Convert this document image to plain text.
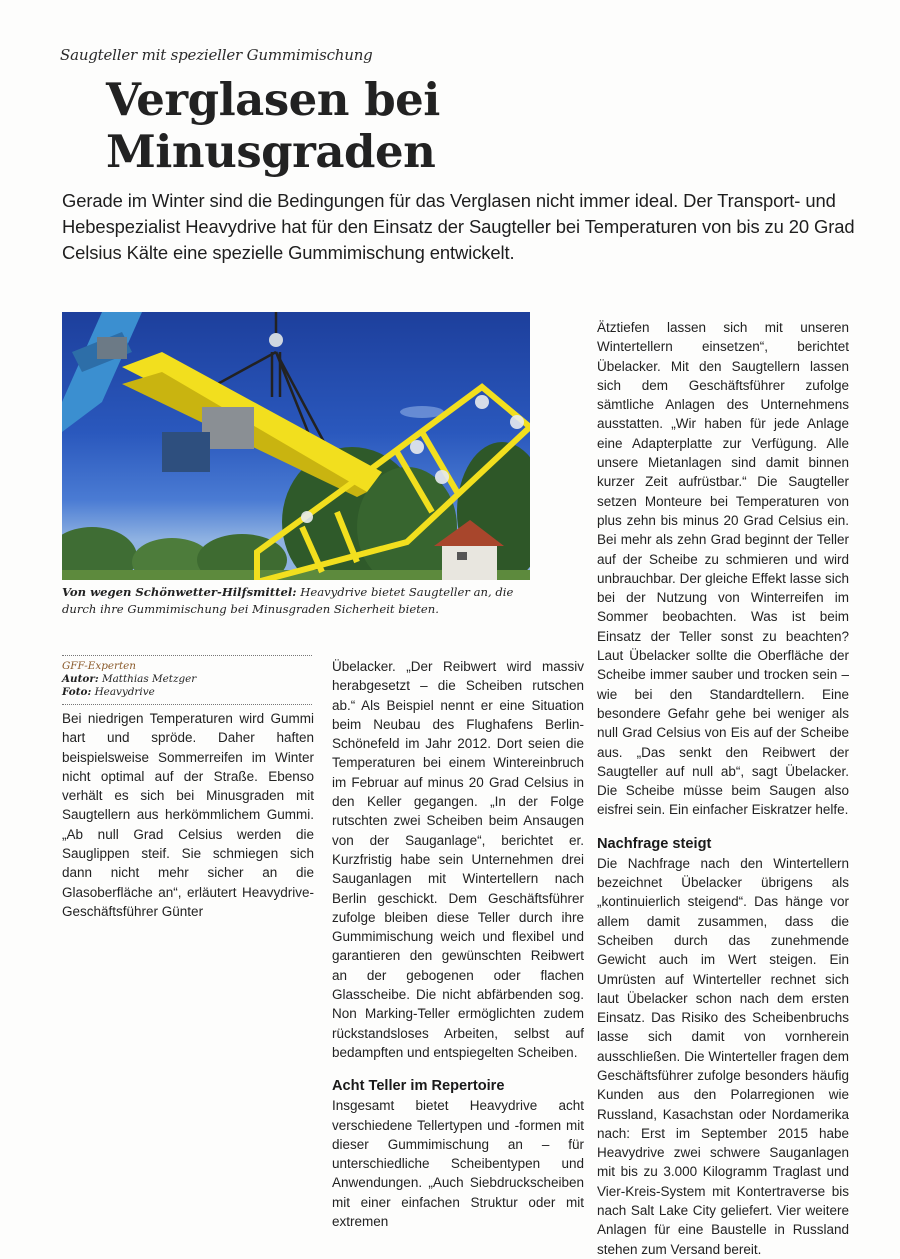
Saugteller mit spezieller Gummimischung
Verglasen bei
Minusgraden

Gerade im Winter sind die Bedingungen für das Verglasen nicht immer ideal. Der Transport- und Hebespezialist Heavydrive hat für den Einsatz der Saugteller bei Temperaturen von bis zu 20 Grad Celsius Kälte eine spezielle Gummimischung entwickelt.

Von wegen Schönwetter-Hilfsmittel: Heavydrive bietet Saugteller an, die durch ihre Gummimischung bei Minusgraden Sicherheit bieten.

GFF-Experten
Autor: Matthias Metzger
Foto: Heavydrive

Bei niedrigen Temperaturen wird Gummi hart und spröde. Daher haften beispielsweise Sommerreifen im Winter nicht optimal auf der Straße. Ebenso verhält es sich bei Minusgraden mit Saugtellern aus herkömmlichem Gummi. „Ab null Grad Celsius werden die Sauglippen steif. Sie schmiegen sich dann nicht mehr sicher an die Glasoberfläche an“, erläutert Heavydrive-Geschäftsführer Günter

Übelacker. „Der Reibwert wird massiv herabgesetzt – die Scheiben rutschen ab.“ Als Beispiel nennt er eine Situation beim Neubau des Flughafens Berlin-Schönefeld im Jahr 2012. Dort seien die Temperaturen bei einem Wintereinbruch im Februar auf minus 20 Grad Celsius in den Keller gegangen. „In der Folge rutschten zwei Scheiben beim Ansaugen von der Sauganlage“, berichtet er. Kurzfristig habe sein Unternehmen drei Sauganlagen mit Wintertellern nach Berlin geschickt. Dem Geschäftsführer zufolge bleiben diese Teller durch ihre Gummimischung weich und flexibel und garantieren den gewünschten Reibwert an der gebogenen oder flachen Glasscheibe. Die nicht abfärbenden sog. Non Marking-Teller ermöglichten zudem rückstandsloses Arbeiten, selbst auf bedampften und entspiegelten Scheiben.

Acht Teller im Repertoire

Insgesamt bietet Heavydrive acht verschiedene Tellertypen und -formen mit dieser Gummimischung an – für unterschiedliche Scheibentypen und Anwendungen. „Auch Siebdruckscheiben mit einer einfachen Struktur oder mit extremen

Ätztiefen lassen sich mit unseren Wintertellern einsetzen“, berichtet Übelacker. Mit den Saugtellern lassen sich dem Geschäftsführer zufolge sämtliche Anlagen des Unternehmens ausstatten. „Wir haben für jede Anlage eine Adapterplatte zur Verfügung. Alle unsere Mietanlagen sind damit binnen kurzer Zeit aufrüstbar.“ Die Saugteller setzen Monteure bei Temperaturen von plus zehn bis minus 20 Grad Celsius ein. Bei mehr als zehn Grad beginnt der Teller auf der Scheibe zu schmieren und wird unbrauchbar. Der gleiche Effekt lasse sich bei der Nutzung von Winterreifen im Sommer beobachten. Was ist beim Einsatz der Teller sonst zu beachten? Laut Übelacker sollte die Oberfläche der Scheibe immer sauber und trocken sein – wie bei den Standardtellern. Eine besondere Gefahr gehe bei weniger als null Grad Celsius von Eis auf der Scheibe aus. „Das senkt den Reibwert der Saugteller auf null ab“, sagt Übelacker. Die Scheibe müsse beim Saugen also eisfrei sein. Ein einfacher Eiskratzer helfe.

Nachfrage steigt

Die Nachfrage nach den Wintertellern bezeichnet Übelacker übrigens als „kontinuierlich steigend“. Das hänge vor allem damit zusammen, dass die Scheiben durch das zunehmende Gewicht auch im Wert steigen. Ein Umrüsten auf Winterteller rechnet sich laut Übelacker schon nach dem ersten Einsatz. Das Risiko des Scheibenbruchs lasse sich damit von vornherein ausschließen. Die Winterteller fragen dem Geschäftsführer zufolge besonders häufig Kunden aus den Polarregionen wie Russland, Kasachstan oder Nordamerika nach: Erst im September 2015 habe Heavydrive zwei schwere Sauganlagen mit bis zu 3.000 Kilogramm Traglast und Vier-Kreis-System mit Kontertraverse bis nach Salt Lake City geliefert. Vier weitere Anlagen für eine Baustelle in Russland stehen zum Versand bereit.
